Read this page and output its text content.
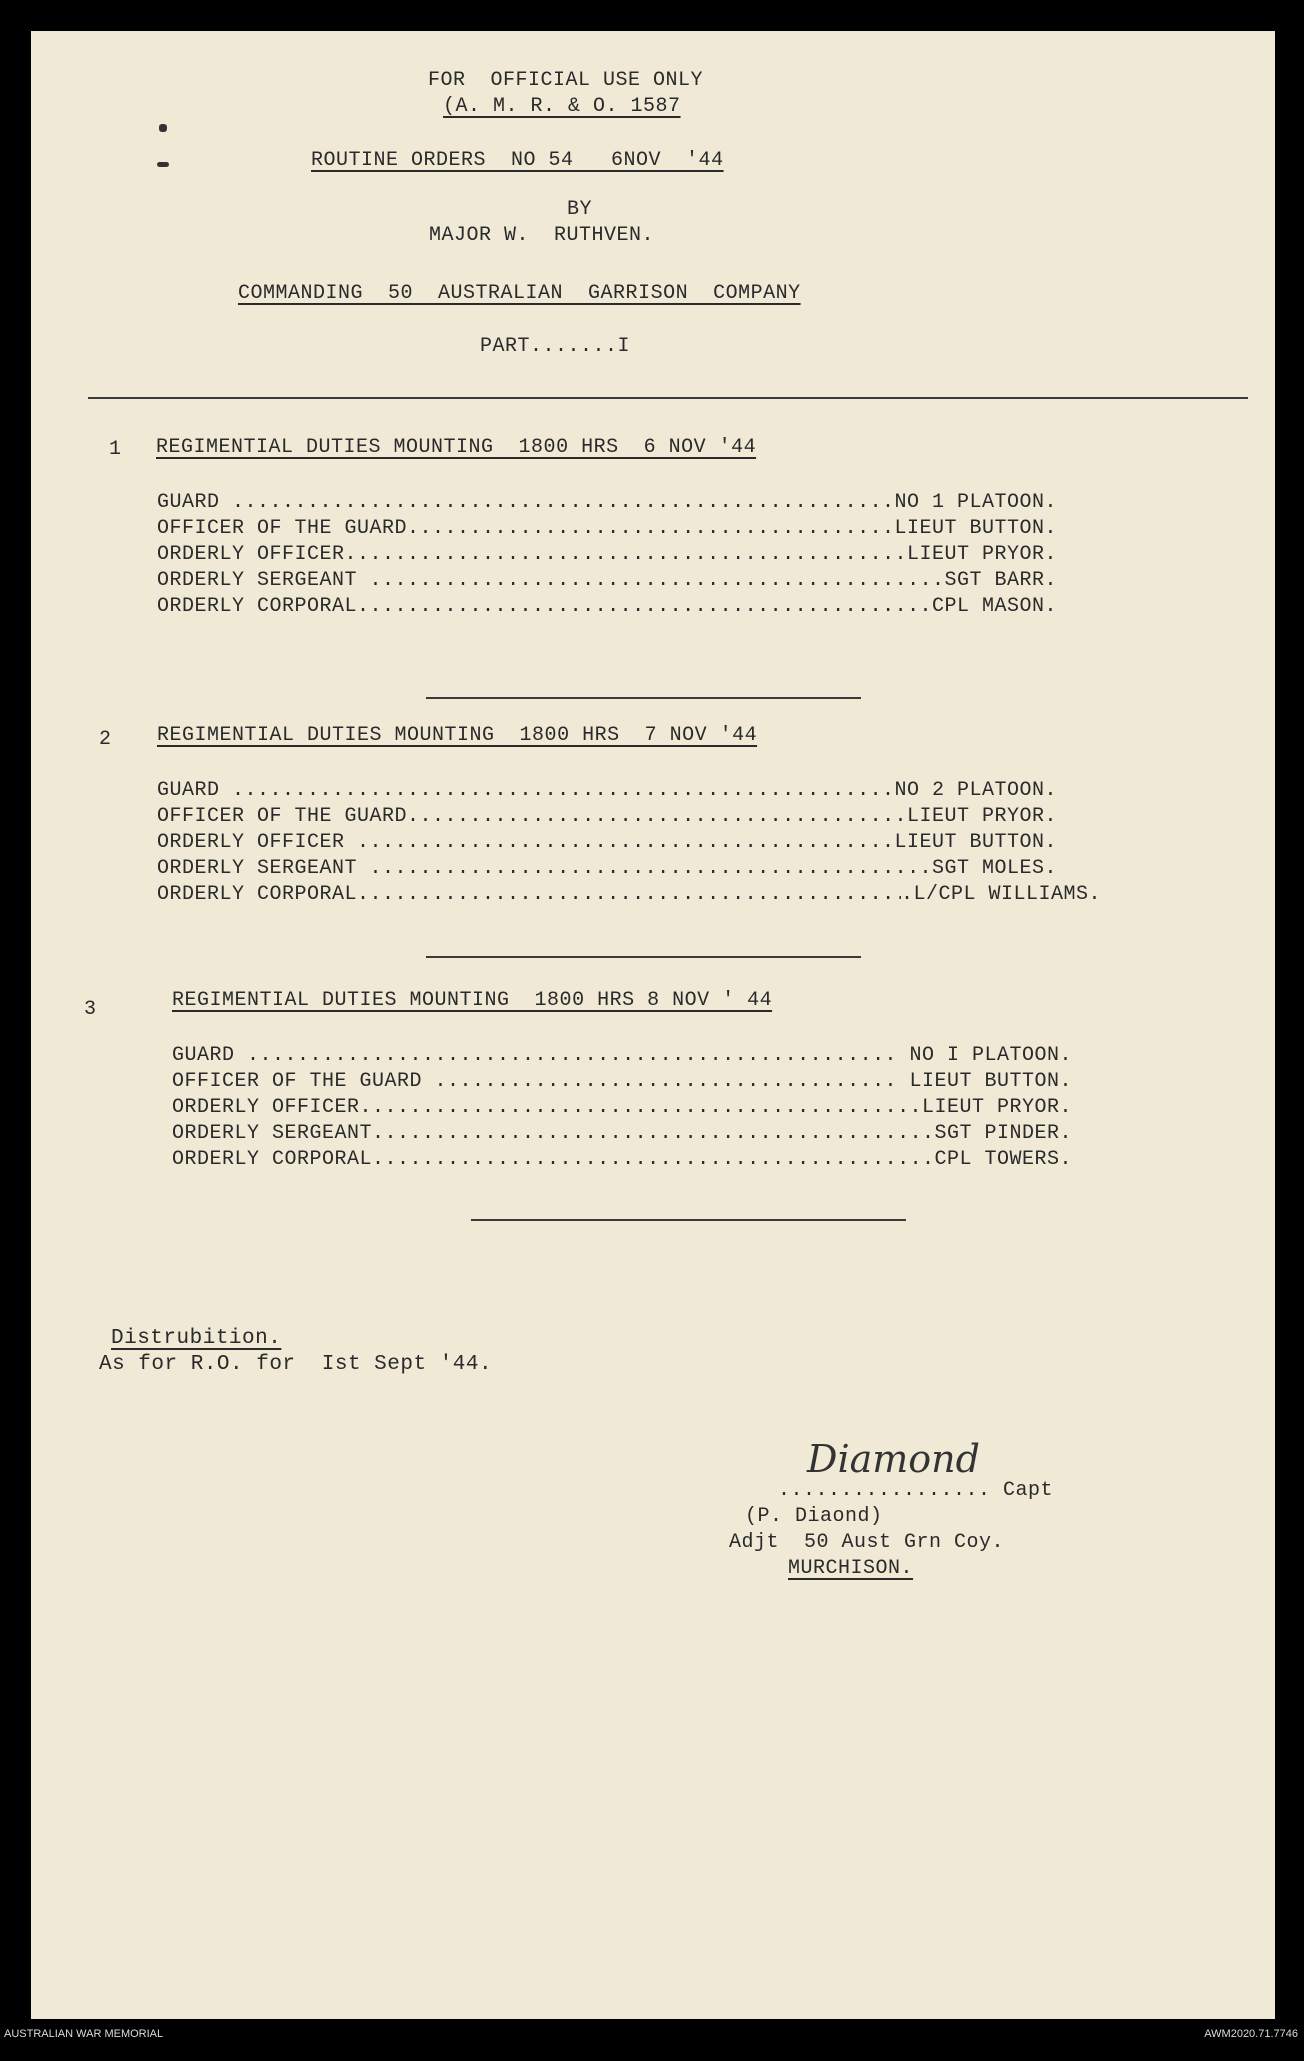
FOR  OFFICIAL USE ONLY
(A. M. R. & O. 1587
ROUTINE ORDERS  NO 54   6NOV  '44
BY
MAJOR W.  RUTHVEN.
COMMANDING  50  AUSTRALIAN  GARRISON  COMPANY
PART.......I
1 REGIMENTIAL DUTIES MOUNTING  1800 HRS  6 NOV '44
GUARD .....	.NO 1 PLATOON.
OFFICER OF THE GUARD .....	.LIEUT BUTTON.
ORDERLY OFFICER .....	.LIEUT PRYOR.
ORDERLY SERGEANT .....	.SGT BARR.
ORDERLY CORPORAL .....	.CPL MASON.
2 REGIMENTIAL DUTIES MOUNTING  1800 HRS  7 NOV '44
GUARD .....	.NO 2 PLATOON.
OFFICER OF THE GUARD .....	.LIEUT PRYOR.
ORDERLY OFFICER .....	.LIEUT BUTTON.
ORDERLY SERGEANT .....	.SGT MOLES.
ORDERLY CORPORAL .....	.L/CPL WILLIAMS.
3	REGIMENTIAL DUTIES MOUNTING  1800 HRS 8 NOV ' 44
GUARD .....	. NO I PLATOON.
OFFICER OF THE GUARD .....	. LIEUT BUTTON.
ORDERLY OFFICER .....	.LIEUT PRYOR.
ORDERLY SERGEANT .....	.SGT PINDER.
ORDERLY CORPORAL .....	.CPL TOWERS.
Distrubition.
As for R.O. for  Ist Sept '44.
Diamond
................. Capt
(P. Diaond)
Adjt  50 Aust Grn Coy.
MURCHISON.
AUSTRALIAN WAR MEMORIAL	AWM2020.71.7746
